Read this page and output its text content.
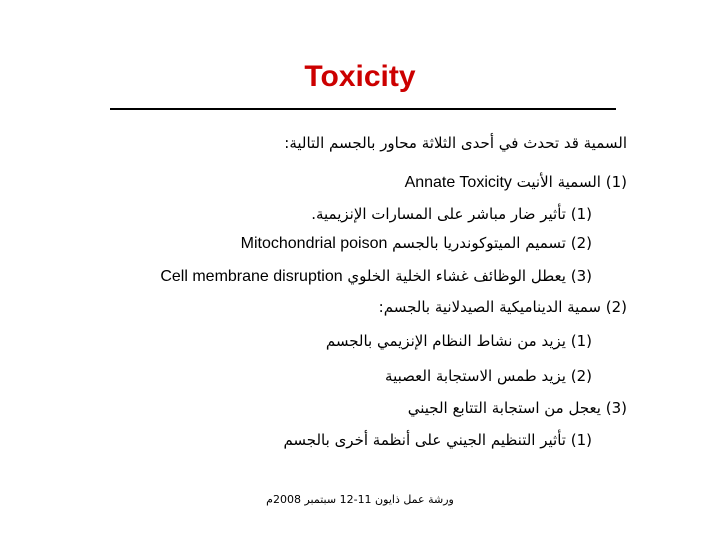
Toxicity
السمية قد تحدث في أحدى الثلاثة محاور بالجسم التالية:
(1) السمية الأنيت Annate Toxicity
(1) تأثير ضار مباشر على المسارات الإنزيمية.
(2) تسميم الميتوكوندريا بالجسم Mitochondrial poison
(3) يعطل الوظائف غشاء الخلية الخلوي Cell membrane disruption
(2) سمية الديناميكية الصيدلانية بالجسم:
(1) يزيد من نشاط النظام الإنزيمي بالجسم
(2) يزيد طمس الاستجابة العصبية
(3) يعجل من استجابة التتابع الجيني
(1) تأثير التنظيم الجيني على أنظمة أخرى بالجسم
ورشة عمل ذايون 11-12 سبتمبر 2008م
